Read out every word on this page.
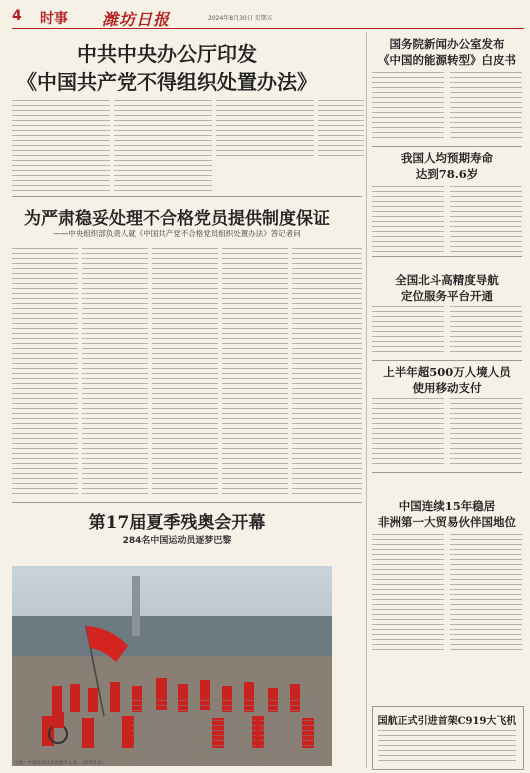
4 时事 潍坊日报	2024年8月30日 星期五
中共中央办公厅印发
《中国共产党不得组织处置办法》
为严肃稳妥处理不合格党员提供制度保证
——中央组织部负责人就《中国共产党不合格党员组织处置办法》答记者问
第17届夏季残奥会开幕
284名中国运动员逐梦巴黎
上图：中国体育代表团旗手入场。（新华社发）
国务院新闻办公室发布
《中国的能源转型》白皮书
我国人均预期寿命
达到78.6岁
全国北斗高精度导航
定位服务平台开通
上半年超500万人境人员
使用移动支付
中国连续15年稳居
非洲第一大贸易伙伴国地位
国航正式引进首架C919大飞机
